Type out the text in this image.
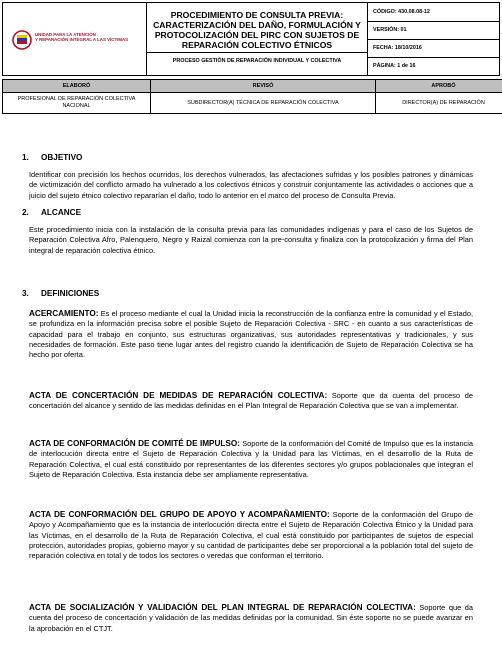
UNIDAD PARA LA ATENCIÓN
Y REPARACIÓN INTEGRAL A LAS VÍCTIMAS

PROCEDIMIENTO DE CONSULTA PREVIA: CARACTERIZACIÓN DEL DAÑO, FORMULACIÓN Y PROTOCOLIZACIÓN DEL PIRC CON SUJETOS DE REPARACIÓN COLECTIVO ÉTNICOS
PROCESO GESTIÓN DE REPARACIÓN INDIVIDUAL Y COLECTIVA

CÓDIGO: 430.08.08-12
VERSIÓN: 01
FECHA: 18/10/2016
PÁGINA: 1 de 16
ELABORÓ	REVISÓ	APROBÓ
PROFESIONAL DE REPARACIÓN COLECTIVA NACIONAL	SUBDIRECTOR(A) TÉCNICA DE REPARACIÓN COLECTIVA	DIRECTOR(A) DE REPARACIÓN
1. OBJETIVO
Identificar con precisión los hechos ocurridos, los derechos vulnerados, las afectaciones sufridas y los posibles patrones y dinámicas de victimización del conflicto armado ha vulnerado a los colectivos étnicos y construir conjuntamente las actividades o acciones que a juicio del sujeto étnico colectivo repararían el daño, todo lo anterior en el marco del proceso de Consulta Previa.
2. ALCANCE
Este procedimiento inicia con la instalación de la consulta previa para las comunidades indígenas y para el caso de los Sujetos de Reparación Colectiva Afro, Palenquero, Negro y Raizal comienza con la pre-consulta y finaliza con la protocolización y firma del Plan integral de reparación colectiva étnico.
3. DEFINICIONES
ACERCAMIENTO: Es el proceso mediante el cual la Unidad inicia la reconstrucción de la confianza entre la comunidad y el Estado, se profundiza en la información precisa sobre el posible Sujeto de Reparación Colectiva - SRC - en cuanto a sus características de capacidad para el trabajo en conjunto, sus estructuras organizativas, sus autoridades representativas y tradicionales, y sus necesidades de formación. Este paso tiene lugar antes del registro cuando la identificación de Sujeto de Reparación Colectiva se ha hecho por oferta.
ACTA DE CONCERTACIÓN DE MEDIDAS DE REPARACIÓN COLECTIVA: Soporte que da cuenta del proceso de concertación del alcance y sentido de las medidas definidas en el Plan Integral de Reparación Colectiva que se van a implementar.
ACTA DE CONFORMACIÓN DE COMITÉ DE IMPULSO: Soporte de la conformación del Comité de Impulso que es la instancia de interlocución directa entre el Sujeto de Reparación Colectiva y la Unidad para las Víctimas, en el desarrollo de la Ruta de Reparación Colectiva, el cual está constituido por representantes de los diferentes sectores y/o grupos poblacionales que integran el Sujeto de Reparación Colectiva. Esta instancia debe ser ampliamente representativa.
ACTA DE CONFORMACIÓN DEL GRUPO DE APOYO Y ACOMPAÑAMIENTO: Soporte de la conformación del Grupo de Apoyo y Acompañamiento que es la instancia de interlocución directa entre el Sujeto de Reparación Colectiva Étnico y la Unidad para las Víctimas, en el desarrollo de la Ruta de Reparación Colectiva, el cual está constituido por participantes de sujetos de especial protección, autoridades propias, gobierno mayor y su cantidad de participantes debe ser proporcional a la población total del sujeto de reparación colectiva en total y de todos los sectores o veredas que conforman el territorio.
ACTA DE SOCIALIZACIÓN Y VALIDACIÓN DEL PLAN INTEGRAL DE REPARACIÓN COLECTIVA: Soporte que da cuenta del proceso de concertación y validación de las medidas definidas por la comunidad. Sin éste soporte no se puede avanzar en la aprobación en el CTJT.
